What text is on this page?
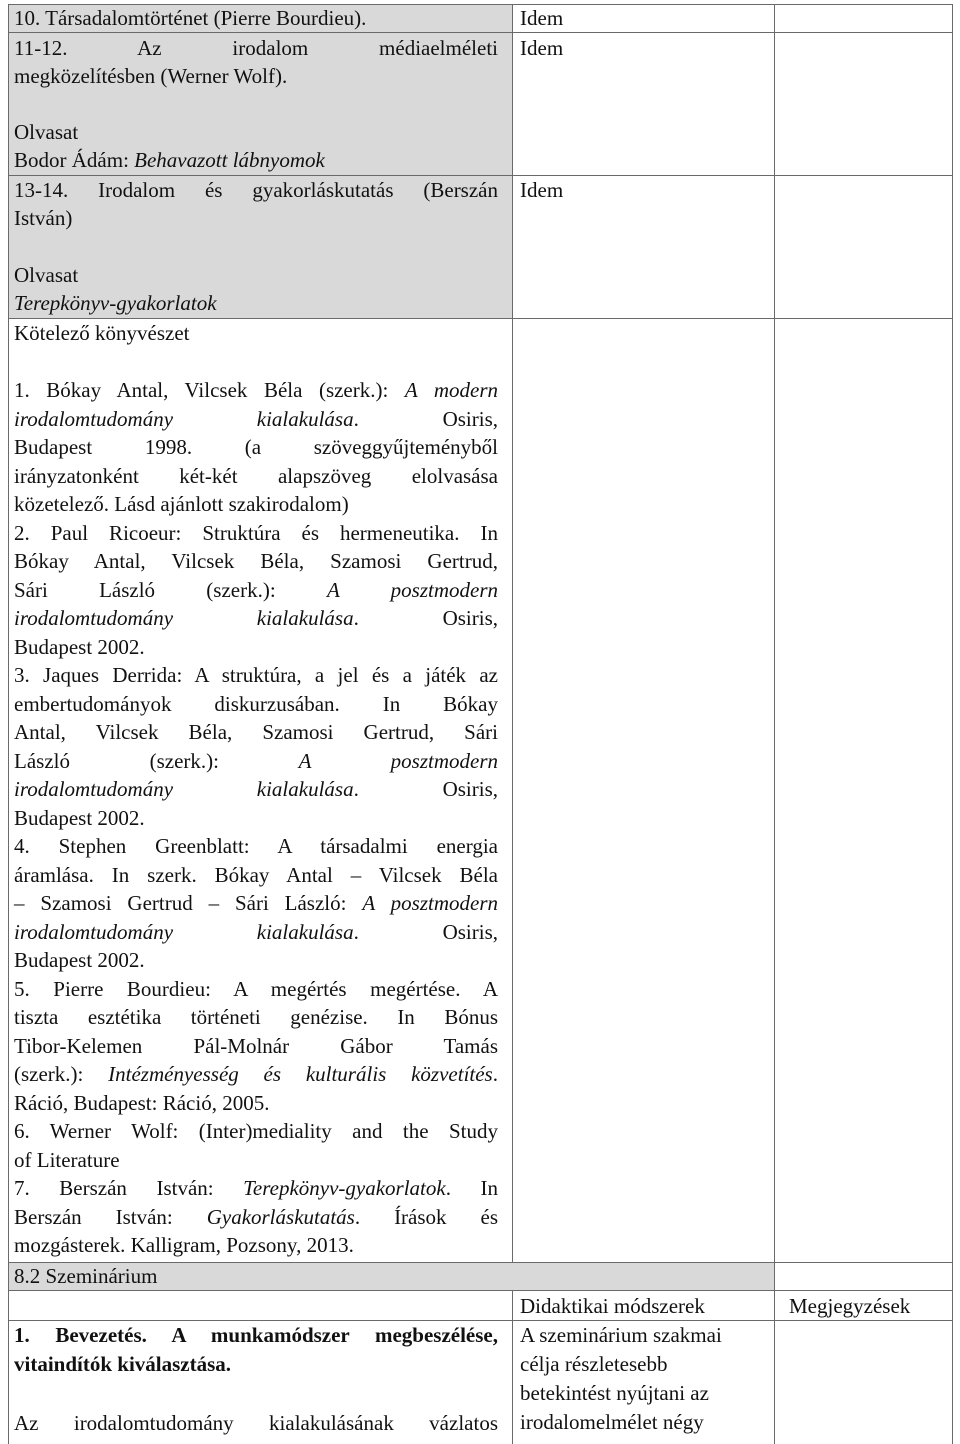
10. Társadalomtörténet (Pierre Bourdieu).	Idem
11-12. Az irodalom médiaelméleti
megközelítésben (Werner Wolf).
Idem
Olvasat
Bodor Ádám: Behavazott lábnyomok
13-14. Irodalom és gyakorláskutatás (Berszán
István)
Idem
Olvasat
Terepkönyv-gyakorlatok
Kötelező könyvészet
1. Bókay Antal, Vilcsek Béla (szerk.): A modern
irodalomtudomány kialakulása. Osiris,
Budapest 1998. (a szöveggyűjteményből
irányzatonként két-két alapszöveg elolvasása
közetelező. Lásd ajánlott szakirodalom)
2. Paul Ricoeur: Struktúra és hermeneutika. In
Bókay Antal, Vilcsek Béla, Szamosi Gertrud,
Sári László (szerk.): A posztmodern
irodalomtudomány kialakulása. Osiris,
Budapest 2002.
3. Jaques Derrida: A struktúra, a jel és a játék az
embertudományok diskurzusában. In Bókay
Antal, Vilcsek Béla, Szamosi Gertrud, Sári
László (szerk.): A posztmodern
irodalomtudomány kialakulása. Osiris,
Budapest 2002.
4. Stephen Greenblatt: A társadalmi energia
áramlása. In szerk. Bókay Antal – Vilcsek Béla
– Szamosi Gertrud – Sári László: A posztmodern
irodalomtudomány kialakulása. Osiris,
Budapest 2002.
5. Pierre Bourdieu: A megértés megértése. A
tiszta esztétika történeti genézise. In Bónus
Tibor-Kelemen Pál-Molnár Gábor Tamás
(szerk.): Intézményesség és kulturális közvetítés.
Ráció, Budapest: Ráció, 2005.
6. Werner Wolf: (Inter)mediality and the Study
of Literature
7. Berszán István: Terepkönyv-gyakorlatok. In
Berszán István: Gyakorláskutatás. Írások és
mozgásterek. Kalligram, Pozsony, 2013.
8.2 Szeminárium
Didaktikai módszerek	Megjegyzések
1. Bevezetés. A munkamódszer megbeszélése,
vitaindítók kiválasztása.
Az irodalomtudomány kialakulásának vázlatos
A szeminárium szakmai
célja részletesebb
betekintést nyújtani az
irodalomelmélet négy
